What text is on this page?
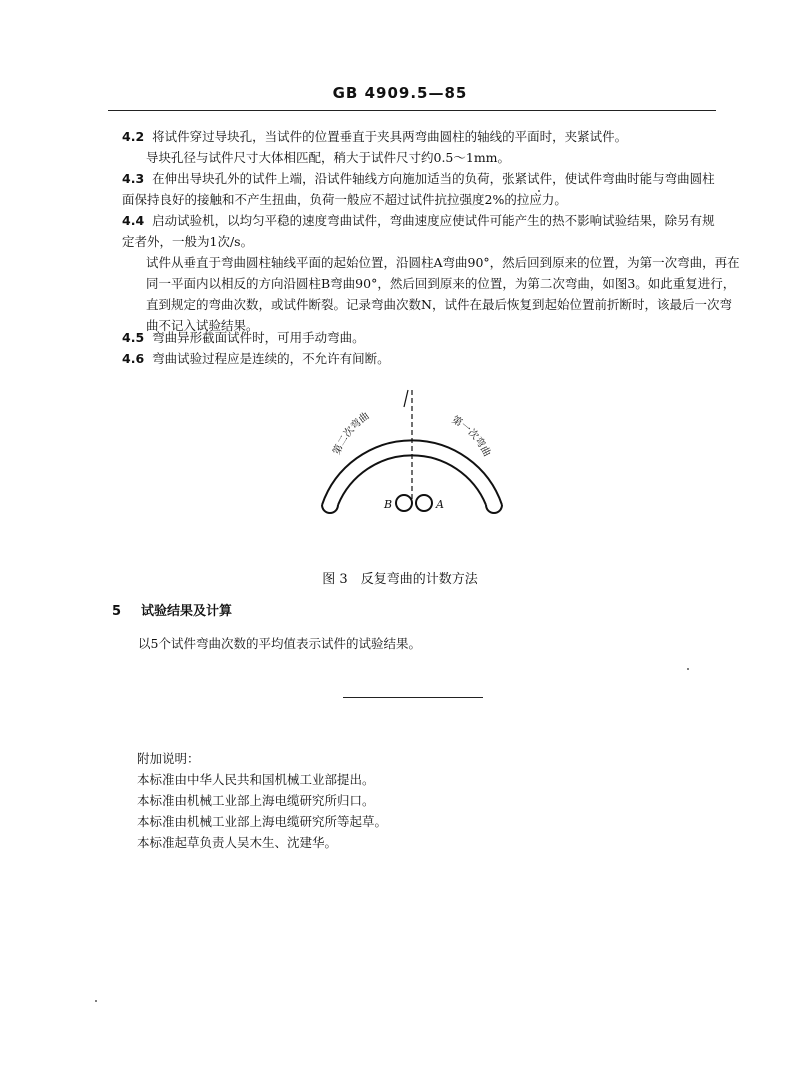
GB 4909.5—85
4.2 将试件穿过导块孔，当试件的位置垂直于夹具两弯曲圆柱的轴线的平面时，夹紧试件。
导块孔径与试件尺寸大体相匹配，稍大于试件尺寸约0.5～1mm。
4.3 在伸出导块孔外的试件上端，沿试件轴线方向施加适当的负荷，张紧试件，使试件弯曲时能与弯曲圆柱面保持良好的接触和不产生扭曲，负荷一般应不超过试件抗拉强度2%的拉应力。
4.4 启动试验机，以均匀平稳的速度弯曲试件，弯曲速度应使试件可能产生的热不影响试验结果，除另有规定者外，一般为1次/s。
试件从垂直于弯曲圆柱轴线平面的起始位置，沿圆柱A弯曲90°，然后回到原来的位置，为第一次弯曲，再在同一平面内以相反的方向沿圆柱B弯曲90°，然后回到原来的位置，为第二次弯曲，如图3。如此重复进行，直到规定的弯曲次数，或试件断裂。记录弯曲次数N，试件在最后恢复到起始位置前折断时，该最后一次弯曲不记入试验结果。
4.5 弯曲异形截面试件时，可用手动弯曲。
4.6 弯曲试验过程应是连续的，不允许有间断。
第二次弯曲	第一次弯曲
B	A
图 3　反复弯曲的计数方法
5 试验结果及计算
以5个试件弯曲次数的平均值表示试件的试验结果。
附加说明：
本标准由中华人民共和国机械工业部提出。
本标准由机械工业部上海电缆研究所归口。
本标准由机械工业部上海电缆研究所等起草。
本标准起草负责人吴木生、沈建华。
